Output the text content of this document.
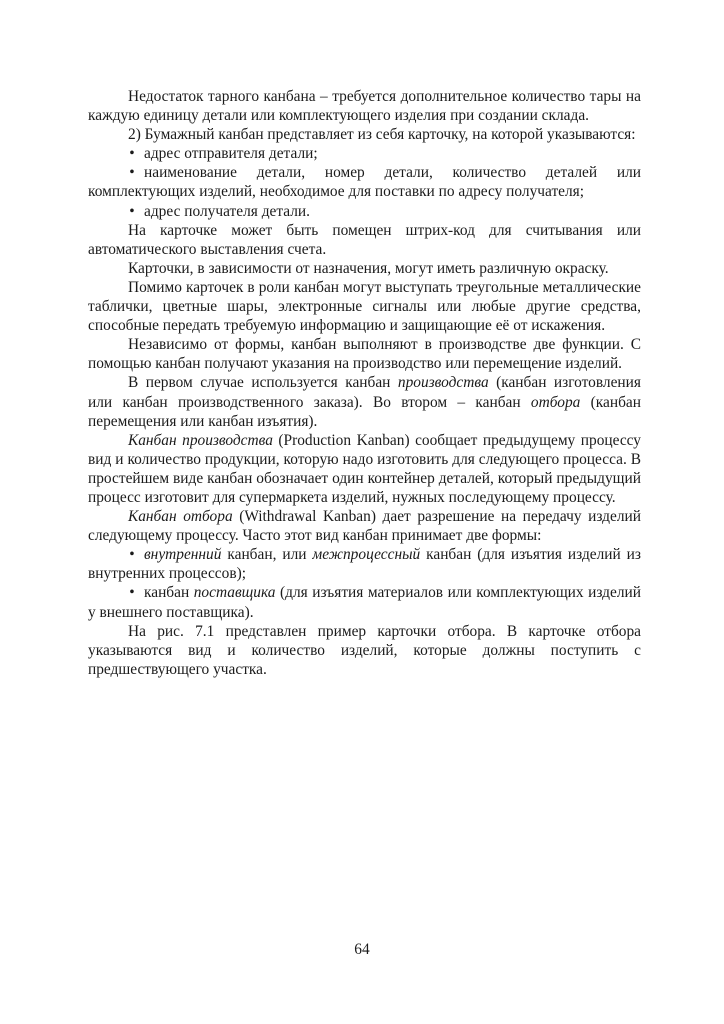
Недостаток тарного канбана – требуется дополнительное количество тары на каждую единицу детали или комплектующего изделия при создании склада.

2) Бумажный канбан представляет из себя карточку, на которой указываются:

• адрес отправителя детали;

• наименование детали, номер детали, количество деталей или комплектующих изделий, необходимое для поставки по адресу получателя;

• адрес получателя детали.

На карточке может быть помещен штрих-код для считывания или автоматического выставления счета.

Карточки, в зависимости от назначения, могут иметь различную окраску.

Помимо карточек в роли канбан могут выступать треугольные металлические таблички, цветные шары, электронные сигналы или любые другие средства, способные передать требуемую информацию и защищающие её от искажения.

Независимо от формы, канбан выполняют в производстве две функции. С помощью канбан получают указания на производство или перемещение изделий.

В первом случае используется канбан производства (канбан изготовления или канбан производственного заказа). Во втором – канбан отбора (канбан перемещения или канбан изъятия).

Канбан производства (Production Kanban) сообщает предыдущему процессу вид и количество продукции, которую надо изготовить для следующего процесса. В простейшем виде канбан обозначает один контейнер деталей, который предыдущий процесс изготовит для супермаркета изделий, нужных последующему процессу.

Канбан отбора (Withdrawal Kanban) дает разрешение на передачу изделий следующему процессу. Часто этот вид канбан принимает две формы:

• внутренний канбан, или межпроцессный канбан (для изъятия изделий из внутренних процессов);

• канбан поставщика (для изъятия материалов или комплектующих изделий у внешнего поставщика).

На рис. 7.1 представлен пример карточки отбора. В карточке отбора указываются вид и количество изделий, которые должны поступить с предшествующего участка.

64
